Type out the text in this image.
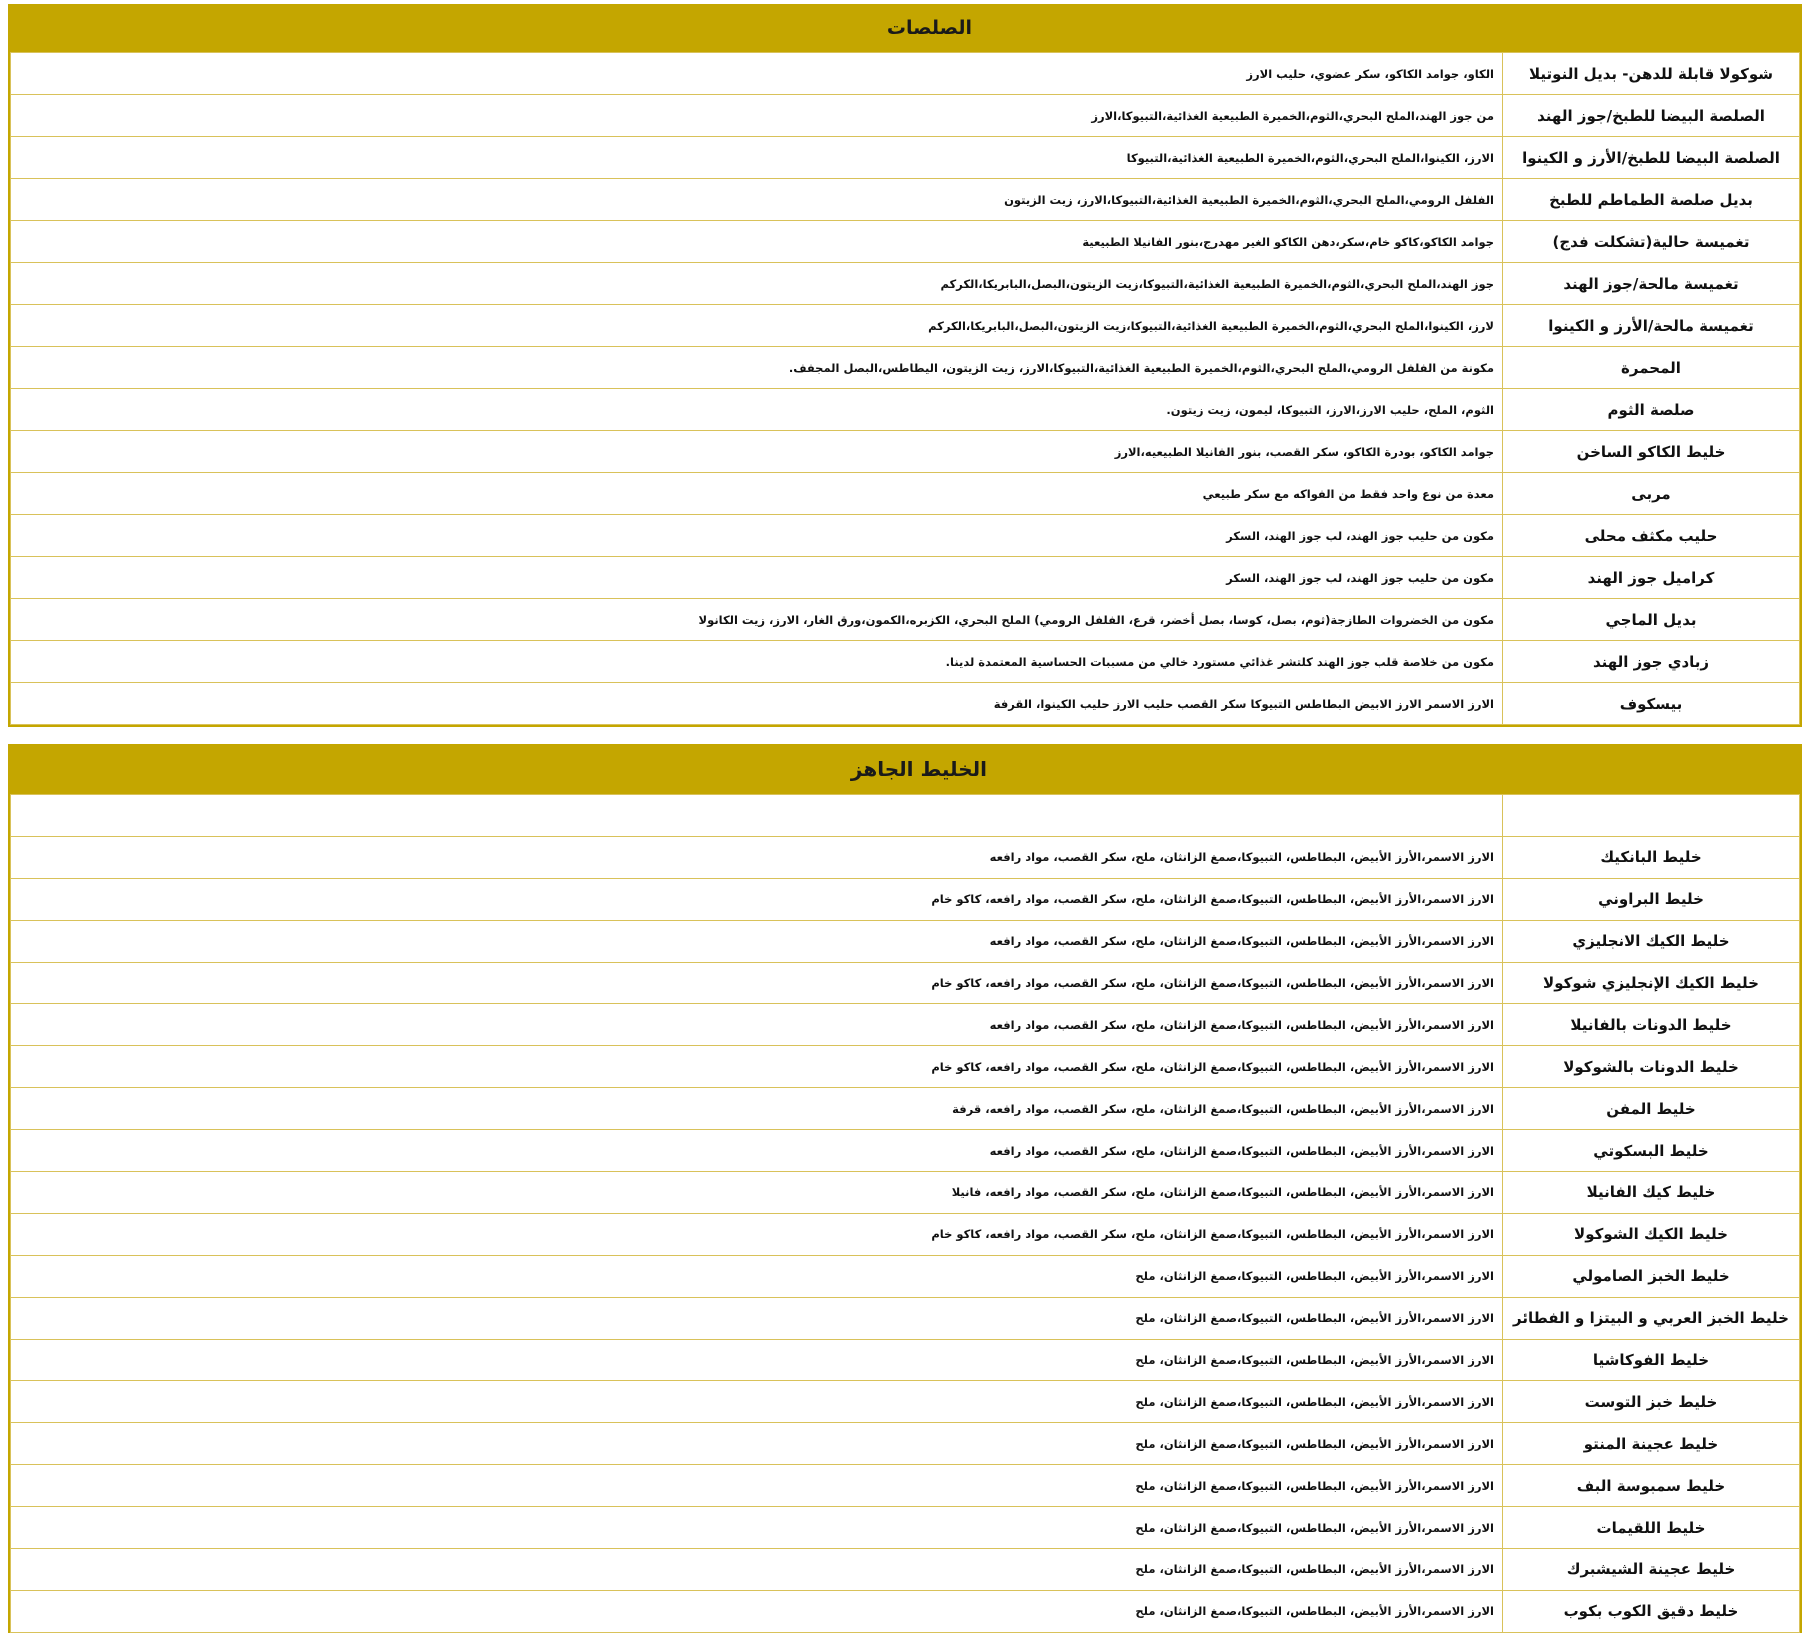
الصلصات
شوكولا قابلة للدهن- بديل النوتيلا	الكاو، جوامد الكاكو، سكر عضوي، حليب الارز
الصلصة البيضا للطبخ/جوز الهند	من جوز الهند،الملح البحري،الثوم،الخميرة الطبيعية الغذائية،التبيوكا،الارز
الصلصة البيضا للطبخ/الأرز و الكينوا	الارز، الكينوا،الملح البحري،الثوم،الخميرة الطبيعية الغذائية،التبيوكا
بديل صلصة الطماطم للطبخ	الفلفل الرومي،الملح البحري،الثوم،الخميرة الطبيعية الغذائية،التبيوكا،الارز، زيت الزيتون
تغميسة حالية(تشكلت فدج)	جوامد الكاكو،كاكو خام،سكر،دهن الكاكو الغير مهدرج،بنور الفانيلا الطبيعية
تغميسة مالحة/جوز الهند	جوز الهند،الملح البحري،الثوم،الخميرة الطبيعية الغذائية،التبيوكا،زيت الزيتون،البصل،البابريكا،الكركم
تغميسة مالحة/الأرز و الكينوا	لارز، الكينوا،الملح البحري،الثوم،الخميرة الطبيعية الغذائية،التبيوكا،زيت الزيتون،البصل،البابريكا،الكركم
المحمرة	مكونة من الفلفل الرومي،الملح البحري،الثوم،الخميرة الطبيعية الغذائية،التبيوكا،الارز، زيت الزيتون، اليطاطس،البصل المجفف.
صلصة الثوم	الثوم، الملح، حليب الارز،الارز، التبيوكا، ليمون، زيت زيتون.
خليط الكاكو الساخن	جوامد الكاكو، بودرة الكاكو، سكر القصب، بنور الفانيلا الطبيعيه،الارز
مربى	معدة من نوع واحد فقط من الفواكه مع سكر طبيعي
حليب مكثف محلى	مكون من حليب جوز الهند، لب جوز الهند، السكر
كراميل جوز الهند	مكون من حليب جوز الهند، لب جوز الهند، السكر
بديل الماجي	مكون من الخضروات الطازجة(ثوم، بصل، كوسا، بصل أخضر، قرع، الفلفل الرومي) الملح البحري، الكزبره،الكمون،ورق الغار، الارز، زيت الكانولا
زبادي جوز الهند	مكون من خلاصة قلب جوز الهند كلتشر غذائي مستورد خالي من مسببات الحساسية المعتمدة لدينا.
بيسكوف	الارز الاسمر الارز الابيض البطاطس التبيوكا سكر القصب حليب الارز حليب الكينوا، القرفة
الخليط الجاهز

خليط البانكيك	الارز الاسمر،الأرز الأبيض، البطاطس، التبيوكا،صمغ الزانثان، ملح، سكر القصب، مواد رافعه
خليط البراوني	الارز الاسمر،الأرز الأبيض، البطاطس، التبيوكا،صمغ الزانثان، ملح، سكر القصب، مواد رافعه، كاكو خام
خليط الكيك الانجليزي	الارز الاسمر،الأرز الأبيض، البطاطس، التبيوكا،صمغ الزانثان، ملح، سكر القصب، مواد رافعه
خليط الكيك الإنجليزي شوكولا	الارز الاسمر،الأرز الأبيض، البطاطس، التبيوكا،صمغ الزانثان، ملح، سكر القصب، مواد رافعه، كاكو خام
خليط الدونات بالفانيلا	الارز الاسمر،الأرز الأبيض، البطاطس، التبيوكا،صمغ الزانثان، ملح، سكر القصب، مواد رافعه
خليط الدونات بالشوكولا	الارز الاسمر،الأرز الأبيض، البطاطس، التبيوكا،صمغ الزانثان، ملح، سكر القصب، مواد رافعه، كاكو خام
خليط المفن	الارز الاسمر،الأرز الأبيض، البطاطس، التبيوكا،صمغ الزانثان، ملح، سكر القصب، مواد رافعه، قرفة
خليط البسكوتي	الارز الاسمر،الأرز الأبيض، البطاطس، التبيوكا،صمغ الزانثان، ملح، سكر القصب، مواد رافعه
خليط كيك الفانيلا	الارز الاسمر،الأرز الأبيض، البطاطس، التبيوكا،صمغ الزانثان، ملح، سكر القصب، مواد رافعه، فانيلا
خليط الكيك الشوكولا	الارز الاسمر،الأرز الأبيض، البطاطس، التبيوكا،صمغ الزانثان، ملح، سكر القصب، مواد رافعه، كاكو خام
خليط الخبز الصامولي	الارز الاسمر،الأرز الأبيض، البطاطس، التبيوكا،صمغ الزانثان، ملح
خليط الخبز العربي و البيتزا و الفطائر	الارز الاسمر،الأرز الأبيض، البطاطس، التبيوكا،صمغ الزانثان، ملح
خليط الفوكاشيا	الارز الاسمر،الأرز الأبيض، البطاطس، التبيوكا،صمغ الزانثان، ملح
خليط خبز التوست	الارز الاسمر،الأرز الأبيض، البطاطس، التبيوكا،صمغ الزانثان، ملح
خليط عجينة المنتو	الارز الاسمر،الأرز الأبيض، البطاطس، التبيوكا،صمغ الزانثان، ملح
خليط سمبوسة البف	الارز الاسمر،الأرز الأبيض، البطاطس، التبيوكا،صمغ الزانثان، ملح
خليط اللقيمات	الارز الاسمر،الأرز الأبيض، البطاطس، التبيوكا،صمغ الزانثان، ملح
خليط عجينة الشيشبرك	الارز الاسمر،الأرز الأبيض، البطاطس، التبيوكا،صمغ الزانثان، ملح
خليط دقيق الكوب بكوب	الارز الاسمر،الأرز الأبيض، البطاطس، التبيوكا،صمغ الزانثان، ملح
